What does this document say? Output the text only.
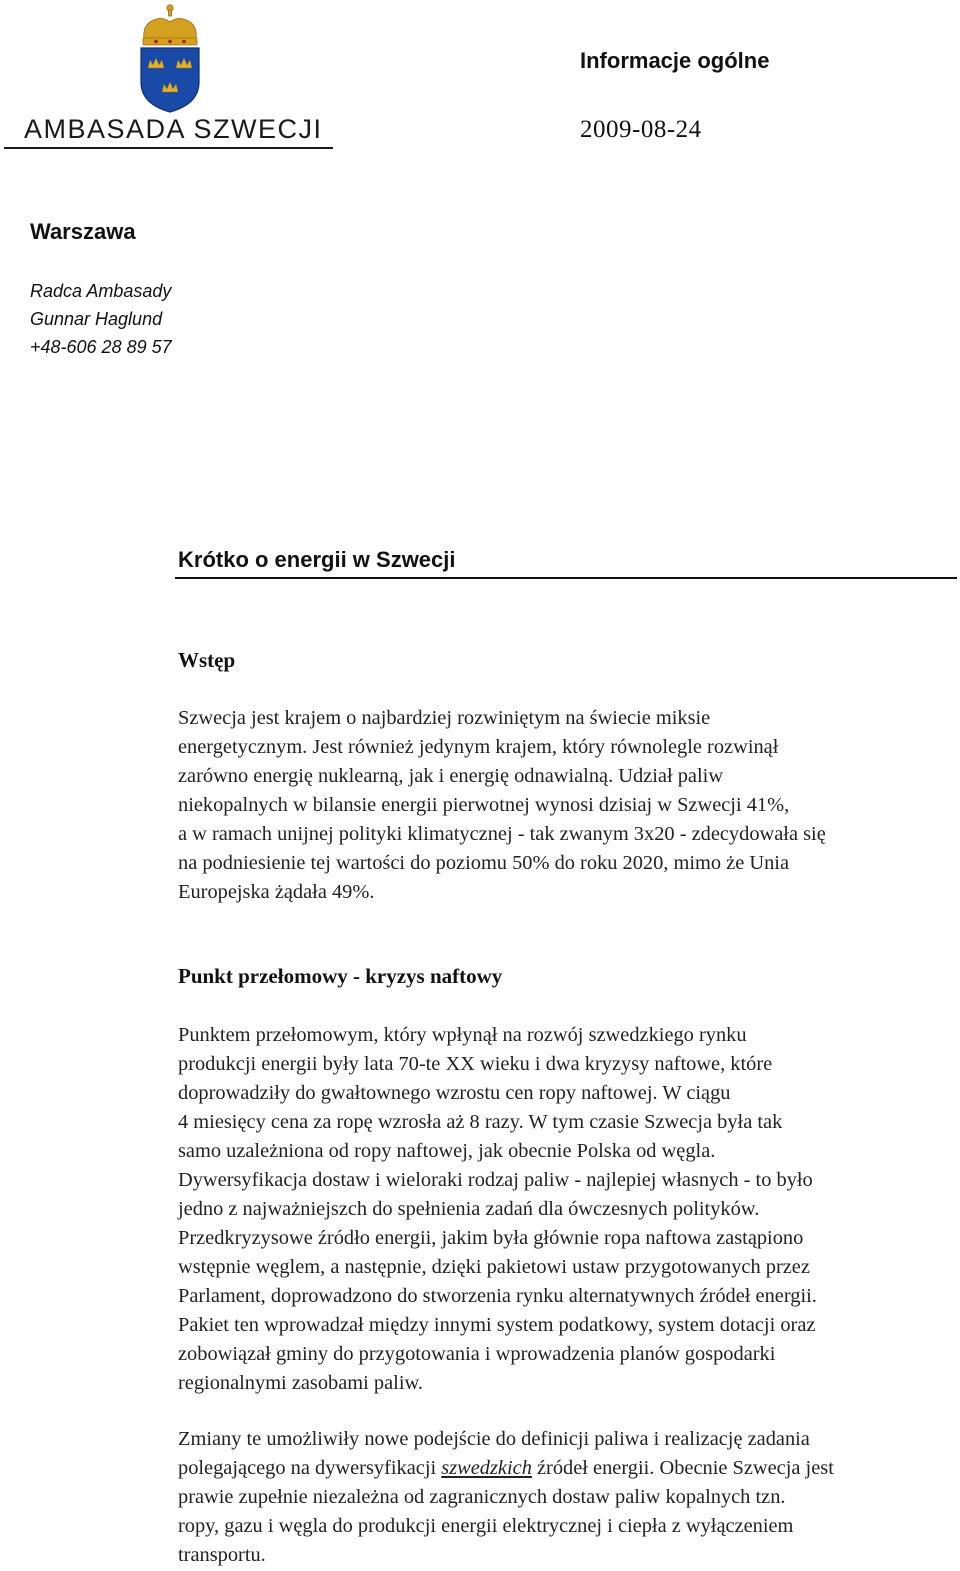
AMBASADA SZWECJI
Informacje ogólne
2009-08-24
Warszawa
Radca Ambasady
Gunnar Haglund
+48-606 28 89 57
Krótko o energii w Szwecji
Wstęp
Szwecja jest krajem o najbardziej rozwiniętym na świecie miksie
energetycznym. Jest również jedynym krajem, który równolegle rozwinął
zarówno energię nuklearną, jak i energię odnawialną. Udział paliw
niekopalnych w bilansie energii pierwotnej wynosi dzisiaj w Szwecji 41%,
a w ramach unijnej polityki klimatycznej - tak zwanym 3x20 - zdecydowała się
na podniesienie tej wartości do poziomu 50% do roku 2020, mimo że Unia
Europejska żądała 49%.
Punkt przełomowy - kryzys naftowy
Punktem przełomowym, który wpłynął na rozwój szwedzkiego rynku
produkcji energii były lata 70-te XX wieku i dwa kryzysy naftowe, które
doprowadziły do gwałtownego wzrostu cen ropy naftowej. W ciągu
4 miesięcy cena za ropę wzrosła aż 8 razy. W tym czasie Szwecja była tak
samo uzależniona od ropy naftowej, jak obecnie Polska od węgla.
Dywersyfikacja dostaw i wieloraki rodzaj paliw - najlepiej własnych - to było
jedno z najważniejszch do spełnienia zadań dla ówczesnych polityków.
Przedkryzysowe źródło energii, jakim była głównie ropa naftowa zastąpiono
wstępnie węglem, a następnie, dzięki pakietowi ustaw przygotowanych przez
Parlament, doprowadzono do stworzenia rynku alternatywnych źródeł energii.
Pakiet ten wprowadzał między innymi system podatkowy, system dotacji oraz
zobowiązał gminy do przygotowania i wprowadzenia planów gospodarki
regionalnymi zasobami paliw.
Zmiany te umożliwiły nowe podejście do definicji paliwa i realizację zadania
polegającego na dywersyfikacji szwedzkich źródeł energii. Obecnie Szwecja jest
prawie zupełnie niezależna od zagranicznych dostaw paliw kopalnych tzn.
ropy, gazu i węgla do produkcji energii elektrycznej i ciepła z wyłączeniem
transportu.
